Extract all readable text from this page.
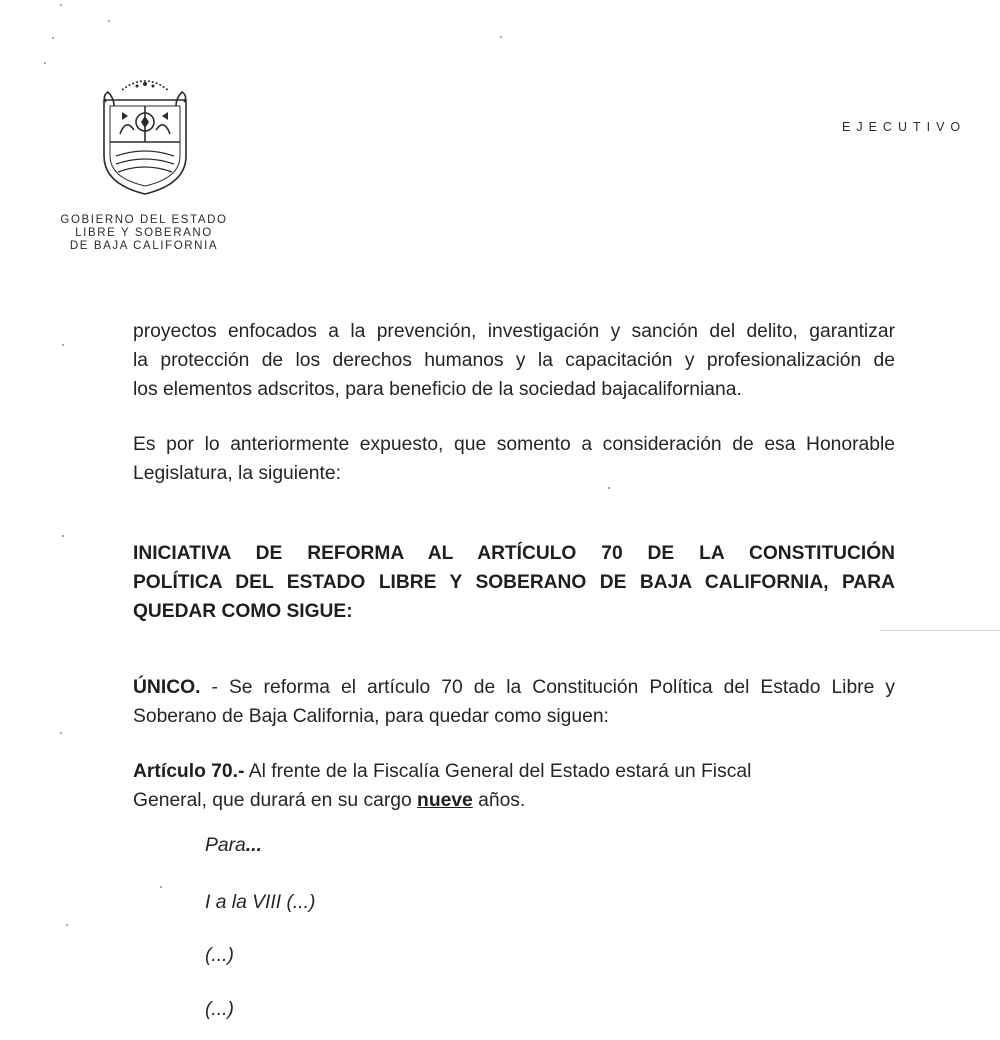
GOBIERNO DEL ESTADO
LIBRE Y SOBERANO
DE BAJA CALIFORNIA
EJECUTIVO
proyectos enfocados a la prevención, investigación y sanción del delito, garantizar
la protección de los derechos humanos y la capacitación y profesionalización de
los elementos adscritos, para beneficio de la sociedad bajacaliforniana.
Es por lo anteriormente expuesto, que somento a consideración de esa Honorable
Legislatura, la siguiente:
INICIATIVA DE REFORMA AL ARTÍCULO 70 DE LA CONSTITUCIÓN
POLÍTICA DEL ESTADO LIBRE Y SOBERANO DE BAJA CALIFORNIA, PARA
QUEDAR COMO SIGUE:
ÚNICO. - Se reforma el artículo 70 de la Constitución Política del Estado Libre y
Soberano de Baja California, para quedar como siguen:
Artículo 70.- Al frente de la Fiscalía General del Estado estará un Fiscal
General, que durará en su cargo nueve años.
Para...
I a la VIII (...)
(...)
(...)
